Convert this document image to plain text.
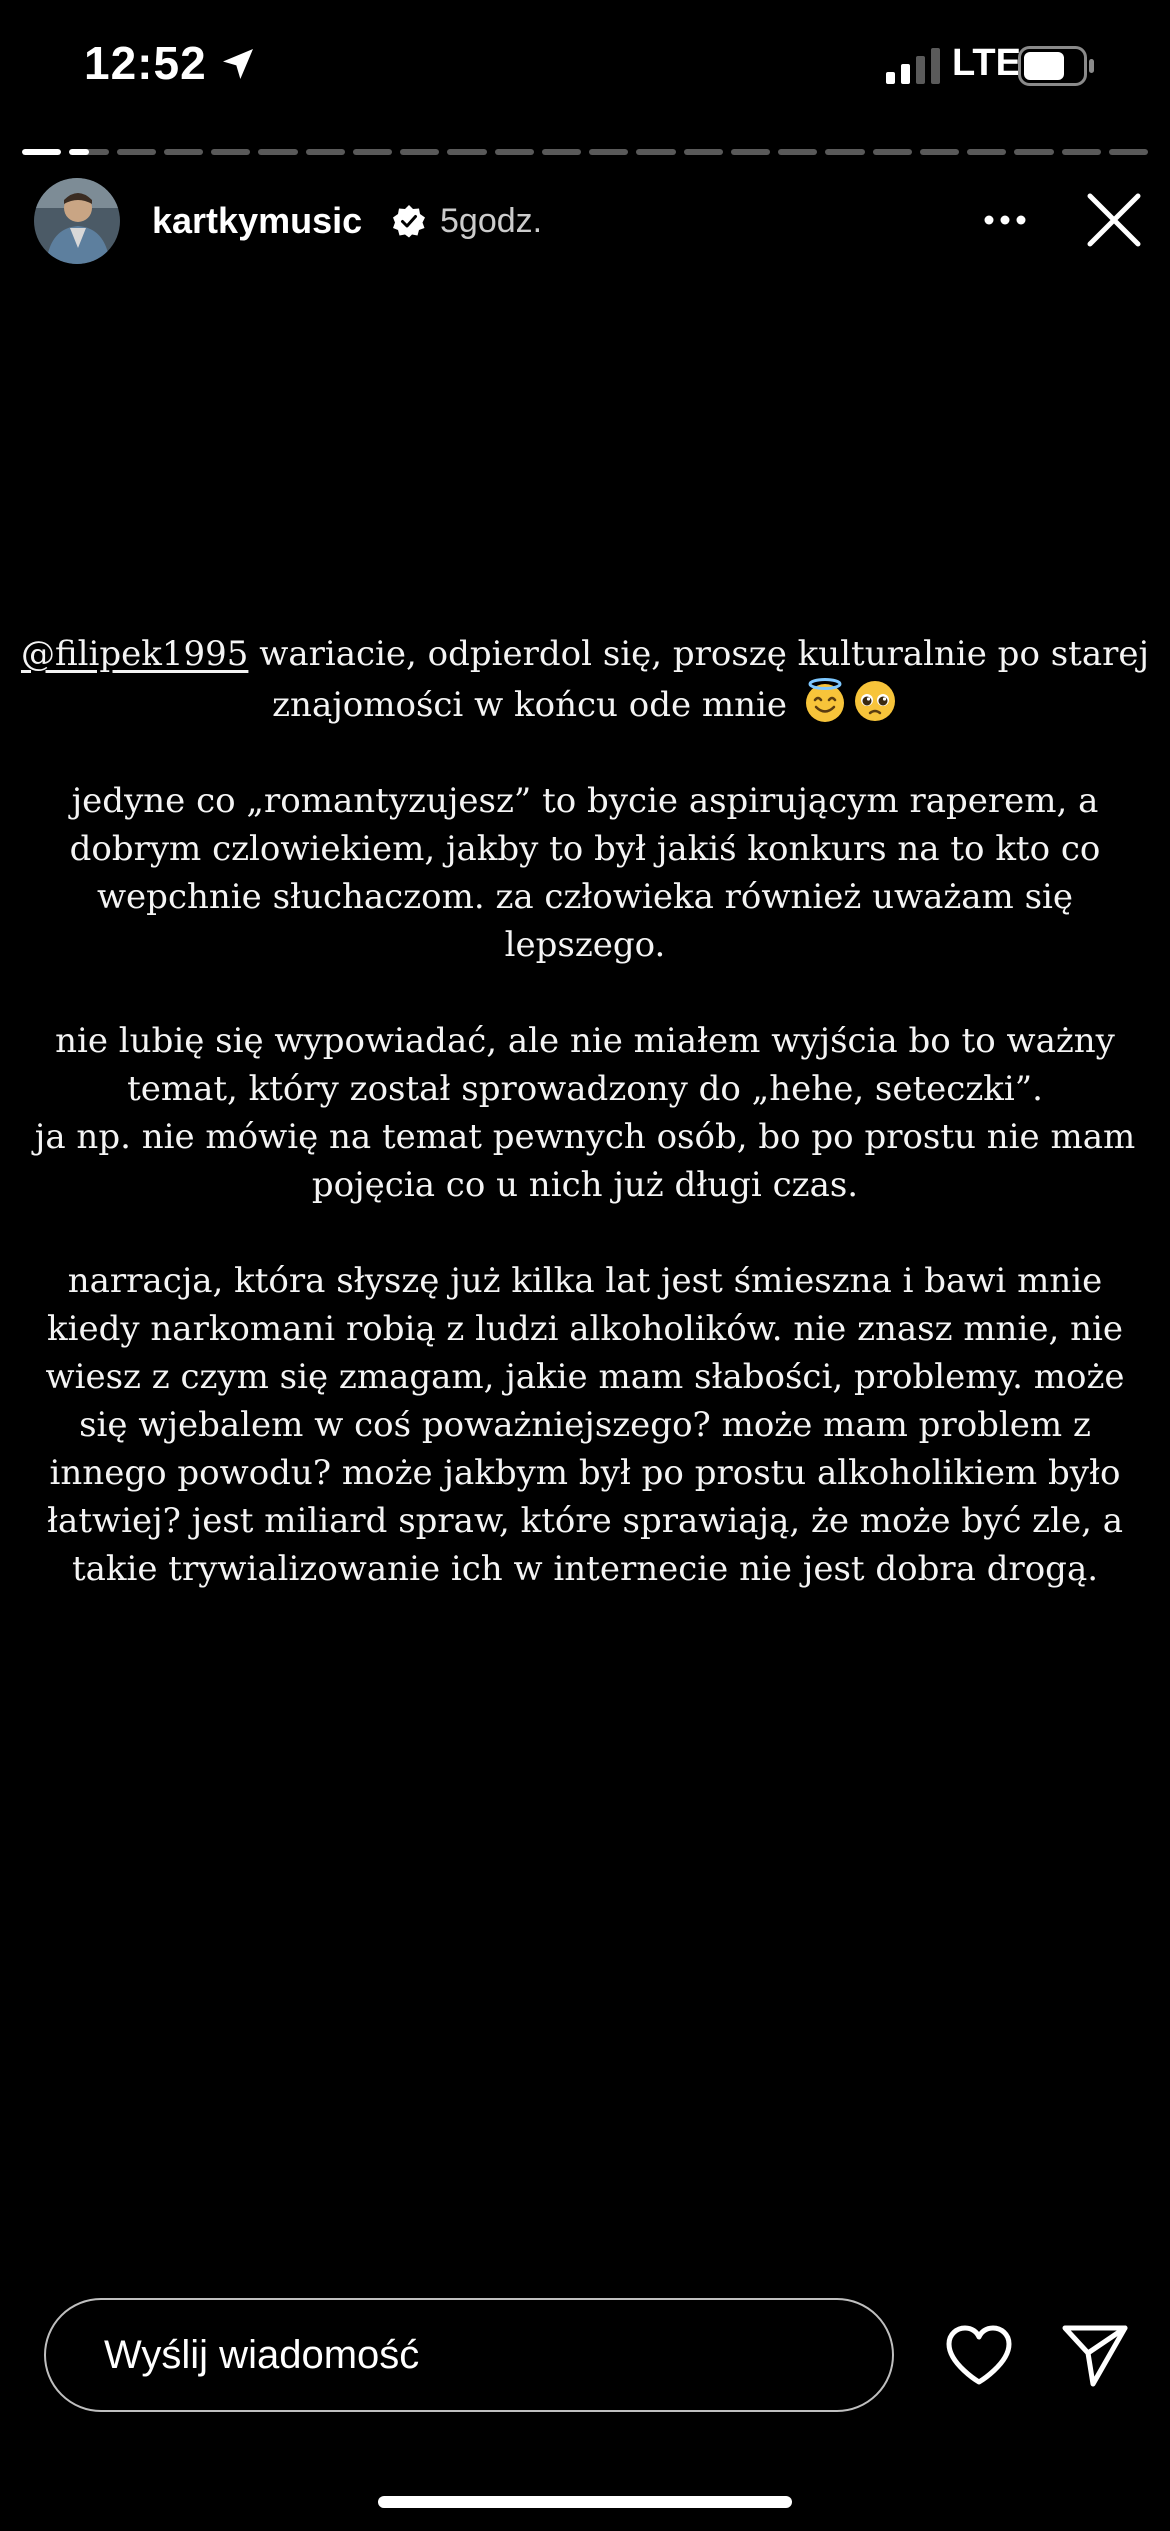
12:52	LTE
kartkymusic 5godz.

@filipek1995 wariacie, odpierdol się, proszę kulturalnie po starej
znajomości w końcu ode mnie

jedyne co „romantyzujesz” to bycie aspirującym raperem, a
dobrym czlowiekiem, jakby to był jakiś konkurs na to kto co
wepchnie słuchaczom. za człowieka również uważam się
lepszego.

nie lubię się wypowiadać, ale nie miałem wyjścia bo to ważny
temat, który został sprowadzony do „hehe, seteczki”.
ja np. nie mówię na temat pewnych osób, bo po prostu nie mam
pojęcia co u nich już długi czas.

narracja, która słyszę już kilka lat jest śmieszna i bawi mnie
kiedy narkomani robią z ludzi alkoholików. nie znasz mnie, nie
wiesz z czym się zmagam, jakie mam słabości, problemy. może
się wjebalem w coś poważniejszego? może mam problem z
innego powodu? może jakbym był po prostu alkoholikiem było
łatwiej? jest miliard spraw, które sprawiają, że może być zle, a
takie trywializowanie ich w internecie nie jest dobra drogą.

Wyślij wiadomość
